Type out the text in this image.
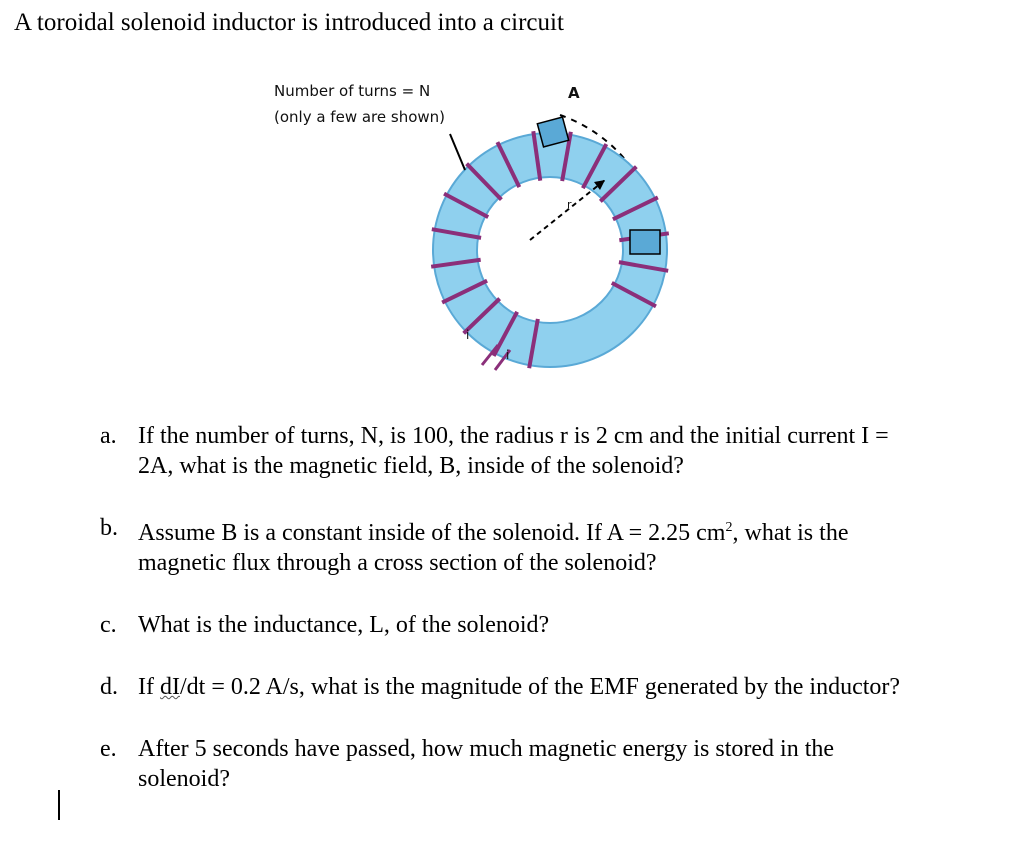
A toroidal solenoid inductor is introduced into a circuit
Number of turns = N
(only a few are shown)
A
r
i
i
a. If the number of turns, N, is 100, the radius r is 2 cm and the initial current I =
2A, what is the magnetic field, B, inside of the solenoid?
b. Assume B is a constant inside of the solenoid. If A = 2.25 $cm^2$, what is the
magnetic flux through a cross section of the solenoid?
c. What is the inductance, L, of the solenoid?
d. If dI/dt = 0.2 A/s, what is the magnitude of the EMF generated by the inductor?
e. After 5 seconds have passed, how much magnetic energy is stored in the
solenoid?
